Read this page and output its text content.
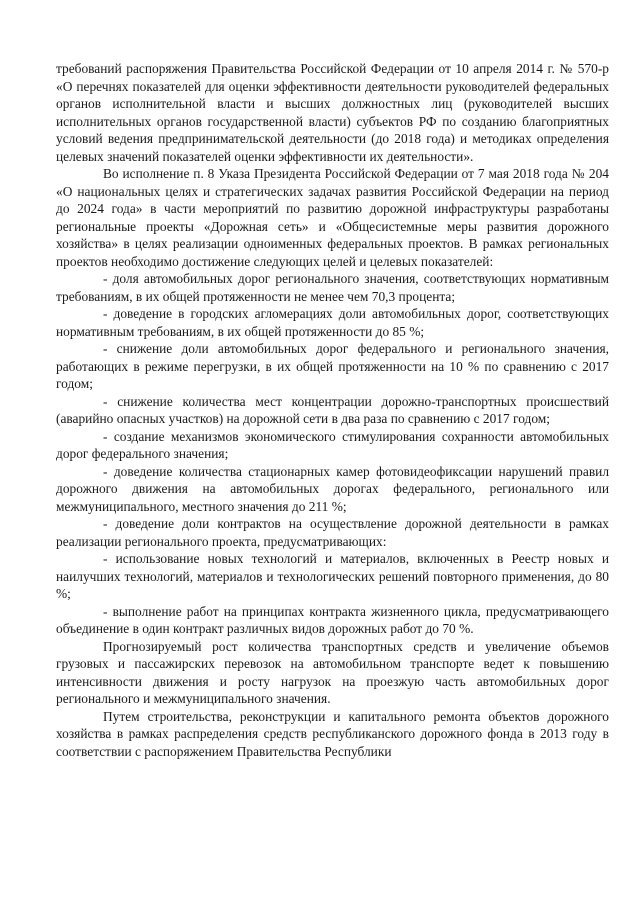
требований распоряжения Правительства Российской Федерации от 10 апреля 2014 г. № 570-р «О перечнях показателей для оценки эффективности деятельности руководителей федеральных органов исполнительной власти и высших должностных лиц (руководителей высших исполнительных органов государственной власти) субъектов РФ по созданию благоприятных условий ведения предпринимательской деятельности (до 2018 года) и методиках определения целевых значений показателей оценки эффективности их деятельности».

Во исполнение п. 8 Указа Президента Российской Федерации от 7 мая 2018 года № 204 «О национальных целях и стратегических задачах развития Российской Федерации на период до 2024 года» в части мероприятий по развитию дорожной инфраструктуры разработаны региональные проекты «Дорожная сеть» и «Общесистемные меры развития дорожного хозяйства» в целях реализации одноименных федеральных проектов. В рамках региональных проектов необходимо достижение следующих целей и целевых показателей:

- доля автомобильных дорог регионального значения, соответствующих нормативным требованиям, в их общей протяженности не менее чем 70,3 процента;

- доведение в городских агломерациях доли автомобильных дорог, соответствующих нормативным требованиям, в их общей протяженности до 85 %;

- снижение доли автомобильных дорог федерального и регионального значения, работающих в режиме перегрузки, в их общей протяженности на 10 % по сравнению с 2017 годом;

- снижение количества мест концентрации дорожно-транспортных происшествий (аварийно опасных участков) на дорожной сети в два раза по сравнению с 2017 годом;

- создание механизмов экономического стимулирования сохранности автомобильных дорог федерального значения;

- доведение количества стационарных камер фотовидеофиксации нарушений правил дорожного движения на автомобильных дорогах федерального, регионального или межмуниципального, местного значения до 211 %;

- доведение доли контрактов на осуществление дорожной деятельности в рамках реализации регионального проекта, предусматривающих:

- использование новых технологий и материалов, включенных в Реестр новых и наилучших технологий, материалов и технологических решений повторного применения, до 80 %;

- выполнение работ на принципах контракта жизненного цикла, предусматривающего объединение в один контракт различных видов дорожных работ до 70 %.

Прогнозируемый рост количества транспортных средств и увеличение объемов грузовых и пассажирских перевозок на автомобильном транспорте ведет к повышению интенсивности движения и росту нагрузок на проезжую часть автомобильных дорог регионального и межмуниципального значения.

Путем строительства, реконструкции и капитального ремонта объектов дорожного хозяйства в рамках распределения средств республиканского дорожного фонда в 2013 году в соответствии с распоряжением Правительства Республики
